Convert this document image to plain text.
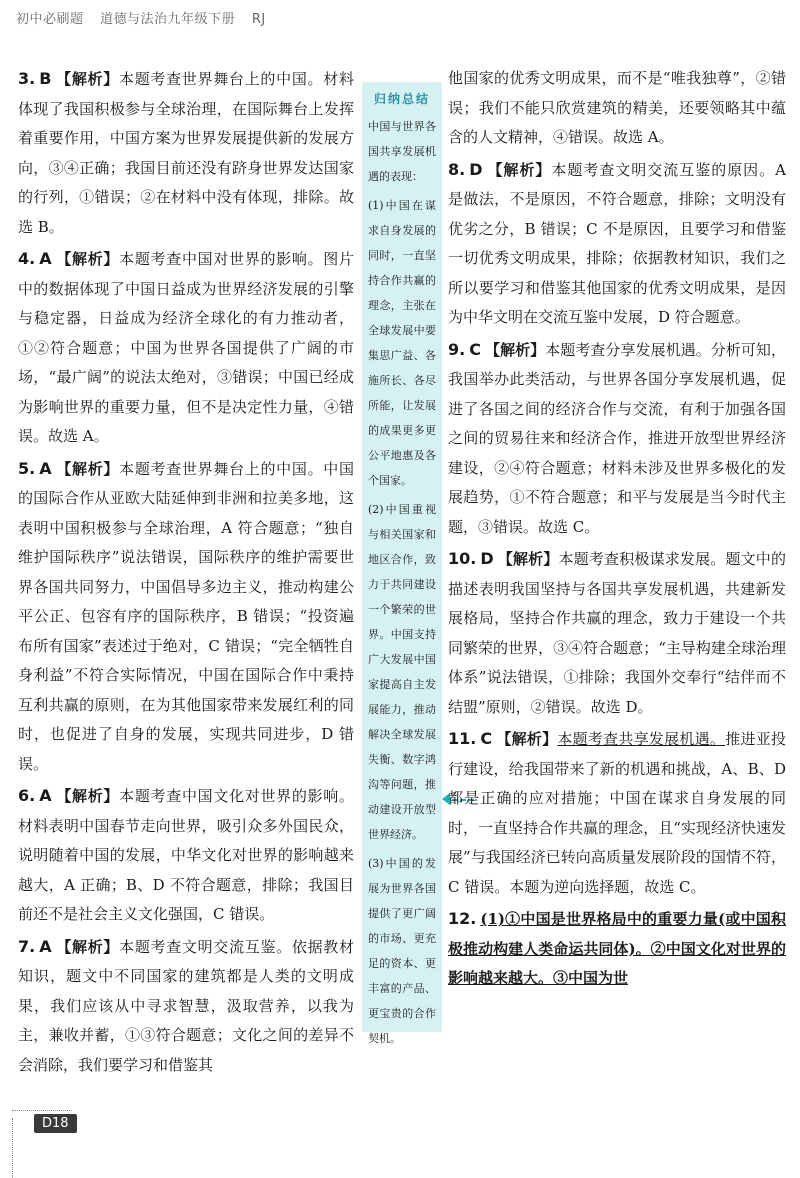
初中必刷题 道德与法治九年级下册 RJ
3. B 【解析】本题考查世界舞台上的中国。材料体现了我国积极参与全球治理，在国际舞台上发挥着重要作用，中国方案为世界发展提供新的发展方向，③④正确；我国目前还没有跻身世界发达国家的行列，①错误；②在材料中没有体现，排除。故选 B。
4. A 【解析】本题考查中国对世界的影响。图片中的数据体现了中国日益成为世界经济发展的引擎与稳定器，日益成为经济全球化的有力推动者，①②符合题意；中国为世界各国提供了广阔的市场，“最广阔”的说法太绝对，③错误；中国已经成为影响世界的重要力量，但不是决定性力量，④错误。故选 A。
5. A 【解析】本题考查世界舞台上的中国。中国的国际合作从亚欧大陆延伸到非洲和拉美多地，这表明中国积极参与全球治理，A 符合题意；“独自维护国际秩序”说法错误，国际秩序的维护需要世界各国共同努力，中国倡导多边主义，推动构建公平公正、包容有序的国际秩序，B 错误；“投资遍布所有国家”表述过于绝对，C 错误；“完全牺牲自身利益”不符合实际情况，中国在国际合作中秉持互利共赢的原则，在为其他国家带来发展红利的同时，也促进了自身的发展，实现共同进步，D 错误。
6. A 【解析】本题考查中国文化对世界的影响。材料表明中国春节走向世界，吸引众多外国民众，说明随着中国的发展，中华文化对世界的影响越来越大，A 正确；B、D 不符合题意，排除；我国目前还不是社会主义文化强国，C 错误。
7. A 【解析】本题考查文明交流互鉴。依据教材知识，题文中不同国家的建筑都是人类的文明成果，我们应该从中寻求智慧，汲取营养，以我为主，兼收并蓄，①③符合题意；文化之间的差异不会消除，我们要学习和借鉴其
归纳总结
中国与世界各国共享发展机遇的表现：
(1)中国在谋求自身发展的同时，一直坚持合作共赢的理念，主张在全球发展中要集思广益、各施所长、各尽所能，让发展的成果更多更公平地惠及各个国家。
(2)中国重视与相关国家和地区合作，致力于共同建设一个繁荣的世界。中国支持广大发展中国家提高自主发展能力，推动解决全球发展失衡、数字鸿沟等问题，推动建设开放型世界经济。
(3)中国的发展为世界各国提供了更广阔的市场、更充足的资本、更丰富的产品、更宝贵的合作契机。
他国家的优秀文明成果，而不是“唯我独尊”，②错误；我们不能只欣赏建筑的精美，还要领略其中蕴含的人文精神，④错误。故选 A。
8. D 【解析】本题考查文明交流互鉴的原因。A 是做法，不是原因，不符合题意，排除；文明没有优劣之分，B 错误；C 不是原因，且要学习和借鉴一切优秀文明成果，排除；依据教材知识，我们之所以要学习和借鉴其他国家的优秀文明成果，是因为中华文明在交流互鉴中发展，D 符合题意。
9. C 【解析】本题考查分享发展机遇。分析可知，我国举办此类活动，与世界各国分享发展机遇，促进了各国之间的经济合作与交流，有利于加强各国之间的贸易往来和经济合作，推进开放型世界经济建设，②④符合题意；材料未涉及世界多极化的发展趋势，①不符合题意；和平与发展是当今时代主题，③错误。故选 C。
10. D 【解析】本题考查积极谋求发展。题文中的描述表明我国坚持与各国共享发展机遇，共建新发展格局，坚持合作共赢的理念，致力于建设一个共同繁荣的世界，③④符合题意；“主导构建全球治理体系”说法错误，①排除；我国外交奉行“结伴而不结盟”原则，②错误。故选 D。
11. C 【解析】本题考查共享发展机遇。推进亚投行建设，给我国带来了新的机遇和挑战，A、B、D 都是正确的应对措施；中国在谋求自身发展的同时，一直坚持合作共赢的理念，且“实现经济快速发展”与我国经济已转向高质量发展阶段的国情不符，C 错误。本题为逆向选择题，故选 C。
12. (1)①中国是世界格局中的重要力量(或中国积极推动构建人类命运共同体)。②中国文化对世界的影响越来越大。③中国为世
D18
